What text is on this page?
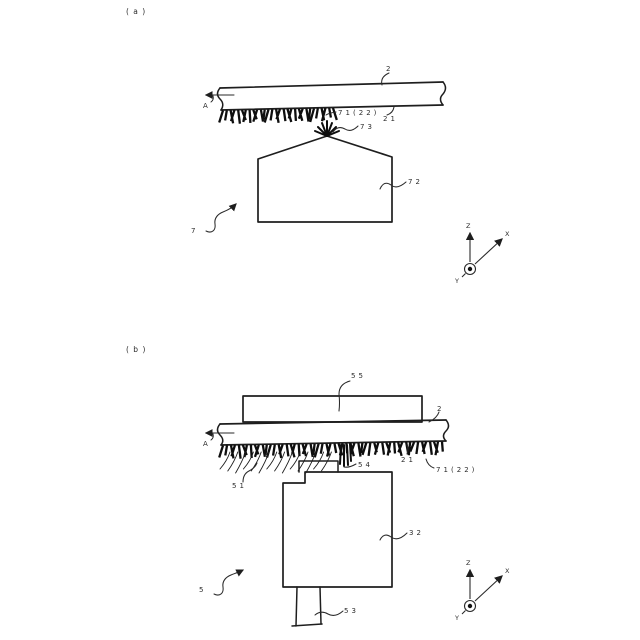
( a )
A
2
7 1 ( 2 2 )
2 1
7 3
7 2
7
Z
X
Y
( b )
A
5 5
2
2 1
7 1 ( 2 2 )
5 4
5 1
3 2
5 3
5
Z
X
Y
